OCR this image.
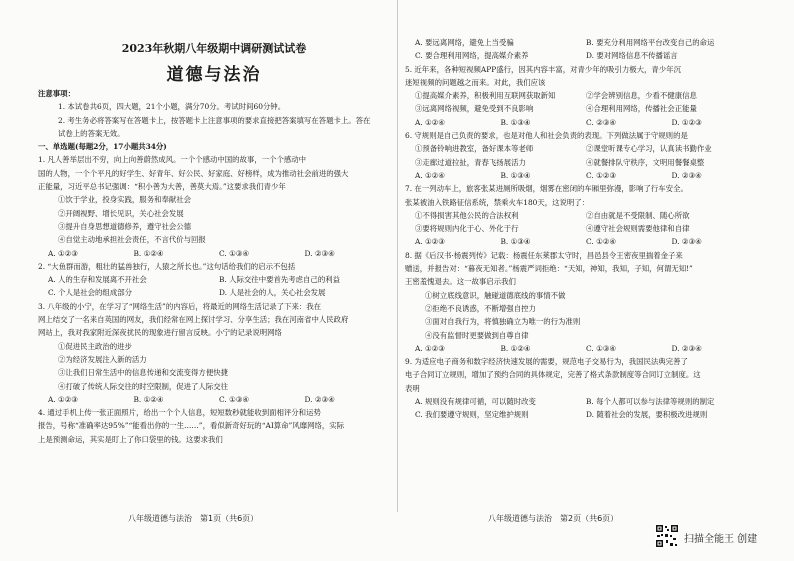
2023年秋期八年级期中调研测试试卷

道德与法治

注意事项：

1. 本试卷共6页，四大题，21个小题，满分70分。考试时间60分钟。

2. 考生务必将答案写在答题卡上，按答题卡上注意事项的要求直接把答案填写在答题卡上。答在

试卷上的答案无效。

一、单选题(每题2分，17小题共34分)

1. 凡人善举层出不穷，向上向善蔚然成风。一个个感动中国的故事，一个个感动中

国的人物，一个个平凡的好学生、好青年、好公民、好家庭、好榜样，成为推动社会前进的强大

正能量，习近平总书记强调：“积小善为大善，善莫大焉。”这要求我们青少年

①饮于学业，投身实践，服务和奉献社会

②开阔视野、增长见识，关心社会发展

③提升自身思想道德修养，遵守社会公德

④自觉主动地承担社会责任，不言代价与回报

A. ①②③	B. ①②④	C. ①③④	D. ②③④

2. “大鱼群而游，粗壮的猛兽独行，人猿之所长也。”这句话给我们的启示不包括

A. 人的生存和发展离不开社会	B. 人际交往中要首先考虑自己的利益
C. 个人是社会的组成部分	D. 人是社会的人，关心社会发展

3. 八年级的小宁，在学习了“网络生活”的内容后，将最近的网络生活记录了下来：我在

网上结交了一名来自英国的网友，我们经常在网上探讨学习、分享生活；我在河南省中人民政府

网站上，我对我家附近深夜扰民的现象进行留言反映。小宁的记录说明网络

①促进民主政治的进步

②为经济发展注入新的活力

③让我们日常生活中的信息传递和交流变得方便快捷

④打破了传统人际交往的时空限制，促进了人际交往

A. ①②③	B. ①②④	C. ①③④	D. ②③④

4. 通过手机上传一张正面照片，给出一个个人信息，短短数秒就能收到面相评分和运势

报告，号称“准确率达95%”“能看出你的一生……”，看似新奇好玩的“AI算命”风靡网络，实际

上是预测命运，其实是盯上了你口袋里的钱。这要求我们

A. 要远离网络，避免上当受骗	B. 要充分利用网络平台改变自己的命运
C. 要合理利用网络，提高媒介素养	D. 要对网络信息不传播谣言

5. 近年来，各种短视频APP盛行，因其内容丰富，对青少年的吸引力极大，青少年沉

迷短视频的问题越之而来。对此，我们应该

①提高媒介素养，积极利用互联网获取新知	②学会辨别信息，少看不健康信息
③远离网络视频，避免受到不良影响	④合理利用网络，传播社会正能量
A. ①②④	B. ①③④	C. ②③④	D. ①②③

6. 守规则是自己负责的要求，也是对他人和社会负责的表现。下列做法属于守规则的是

①预备铃响进教室，备好课本等老师	②课堂听课专心学习，认真读书勤作业
③走廊过道拉扯，青春飞扬展活力	④就餐排队守秩序，文明用餐餐桌整
A. ①②④	B. ①③④	C. ①②③	D. ②③④

7. 在一列动车上，旅客张某进厕所吸烟，烟雾在密闭的车厢里弥漫，影响了行车安全。

张某被油入铁路征信系统，禁乘火车180天，这说明了：

①不得损害其他公民的合法权利	②自由就是不受限制、随心所欲
③要将规则内化于心、外化于行	④遵守社会规则需要他律和自律
A. ①②③	B. ①③④	C. ①②④	D. ②③④

8. 据《后汉书·杨震列传》记载：杨震任东莱郡太守时，昌邑县令王密夜里揣着金子来

赠送，并报告对：“暮夜无知者。”杨震严词拒绝：“天知，神知，我知，子知，何谓无知!”

王密羞愧退去。这一故事启示我们

①树立底线意识，触碰道德底线的事情不做

②拒绝不良诱惑，不断增强自控力

③面对自我行为，将慎独确立为唯一的行为准则

④没有监督时更要做到自尊自律

A. ①②③	B. ①②④	C. ①③④	D. ②③④

9. 为适应电子商务和数字经济快速发展的需要，规范电子交易行为，我国民法典完善了

电子合同订立规则，增加了预约合同的具体规定，完善了格式条款制度等合同订立制度。这

表明

A. 规则没有规律可循，可以随时改变	B. 每个人都可以参与法律等规则的制定
C. 我们要遵守规则，坚定维护规则	D. 随着社会的发展，要积极改进规则

八年级道德与法治　第1页（共6页）	八年级道德与法治　第2页（共6页）

扫描全能王 创建
